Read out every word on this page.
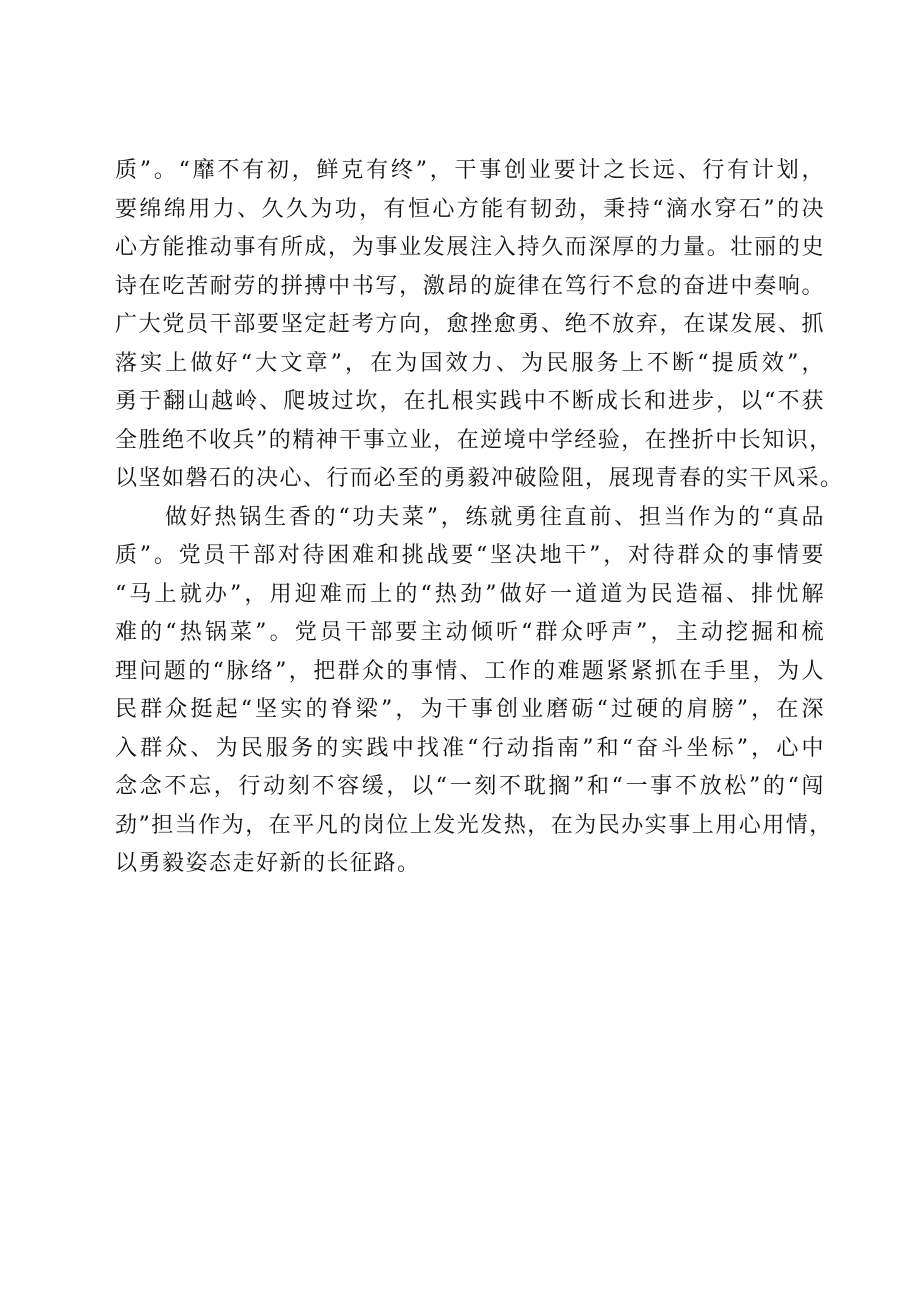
质”。“靡不有初，鲜克有终”，干事创业要计之长远、行有计划，
要绵绵用力、久久为功，有恒心方能有韧劲，秉持“滴水穿石”的决
心方能推动事有所成，为事业发展注入持久而深厚的力量。壮丽的史
诗在吃苦耐劳的拼搏中书写，激昂的旋律在笃行不怠的奋进中奏响。
广大党员干部要坚定赶考方向，愈挫愈勇、绝不放弃，在谋发展、抓
落实上做好“大文章”，在为国效力、为民服务上不断“提质效”，
勇于翻山越岭、爬坡过坎，在扎根实践中不断成长和进步，以“不获
全胜绝不收兵”的精神干事立业，在逆境中学经验，在挫折中长知识，
以坚如磐石的决心、行而必至的勇毅冲破险阻，展现青春的实干风采。
做好热锅生香的“功夫菜”，练就勇往直前、担当作为的“真品
质”。党员干部对待困难和挑战要“坚决地干”，对待群众的事情要
“马上就办”，用迎难而上的“热劲”做好一道道为民造福、排忧解
难的“热锅菜”。党员干部要主动倾听“群众呼声”，主动挖掘和梳
理问题的“脉络”，把群众的事情、工作的难题紧紧抓在手里，为人
民群众挺起“坚实的脊梁”，为干事创业磨砺“过硬的肩膀”，在深
入群众、为民服务的实践中找准“行动指南”和“奋斗坐标”，心中
念念不忘，行动刻不容缓，以“一刻不耽搁”和“一事不放松”的“闯
劲”担当作为，在平凡的岗位上发光发热，在为民办实事上用心用情，
以勇毅姿态走好新的长征路。
